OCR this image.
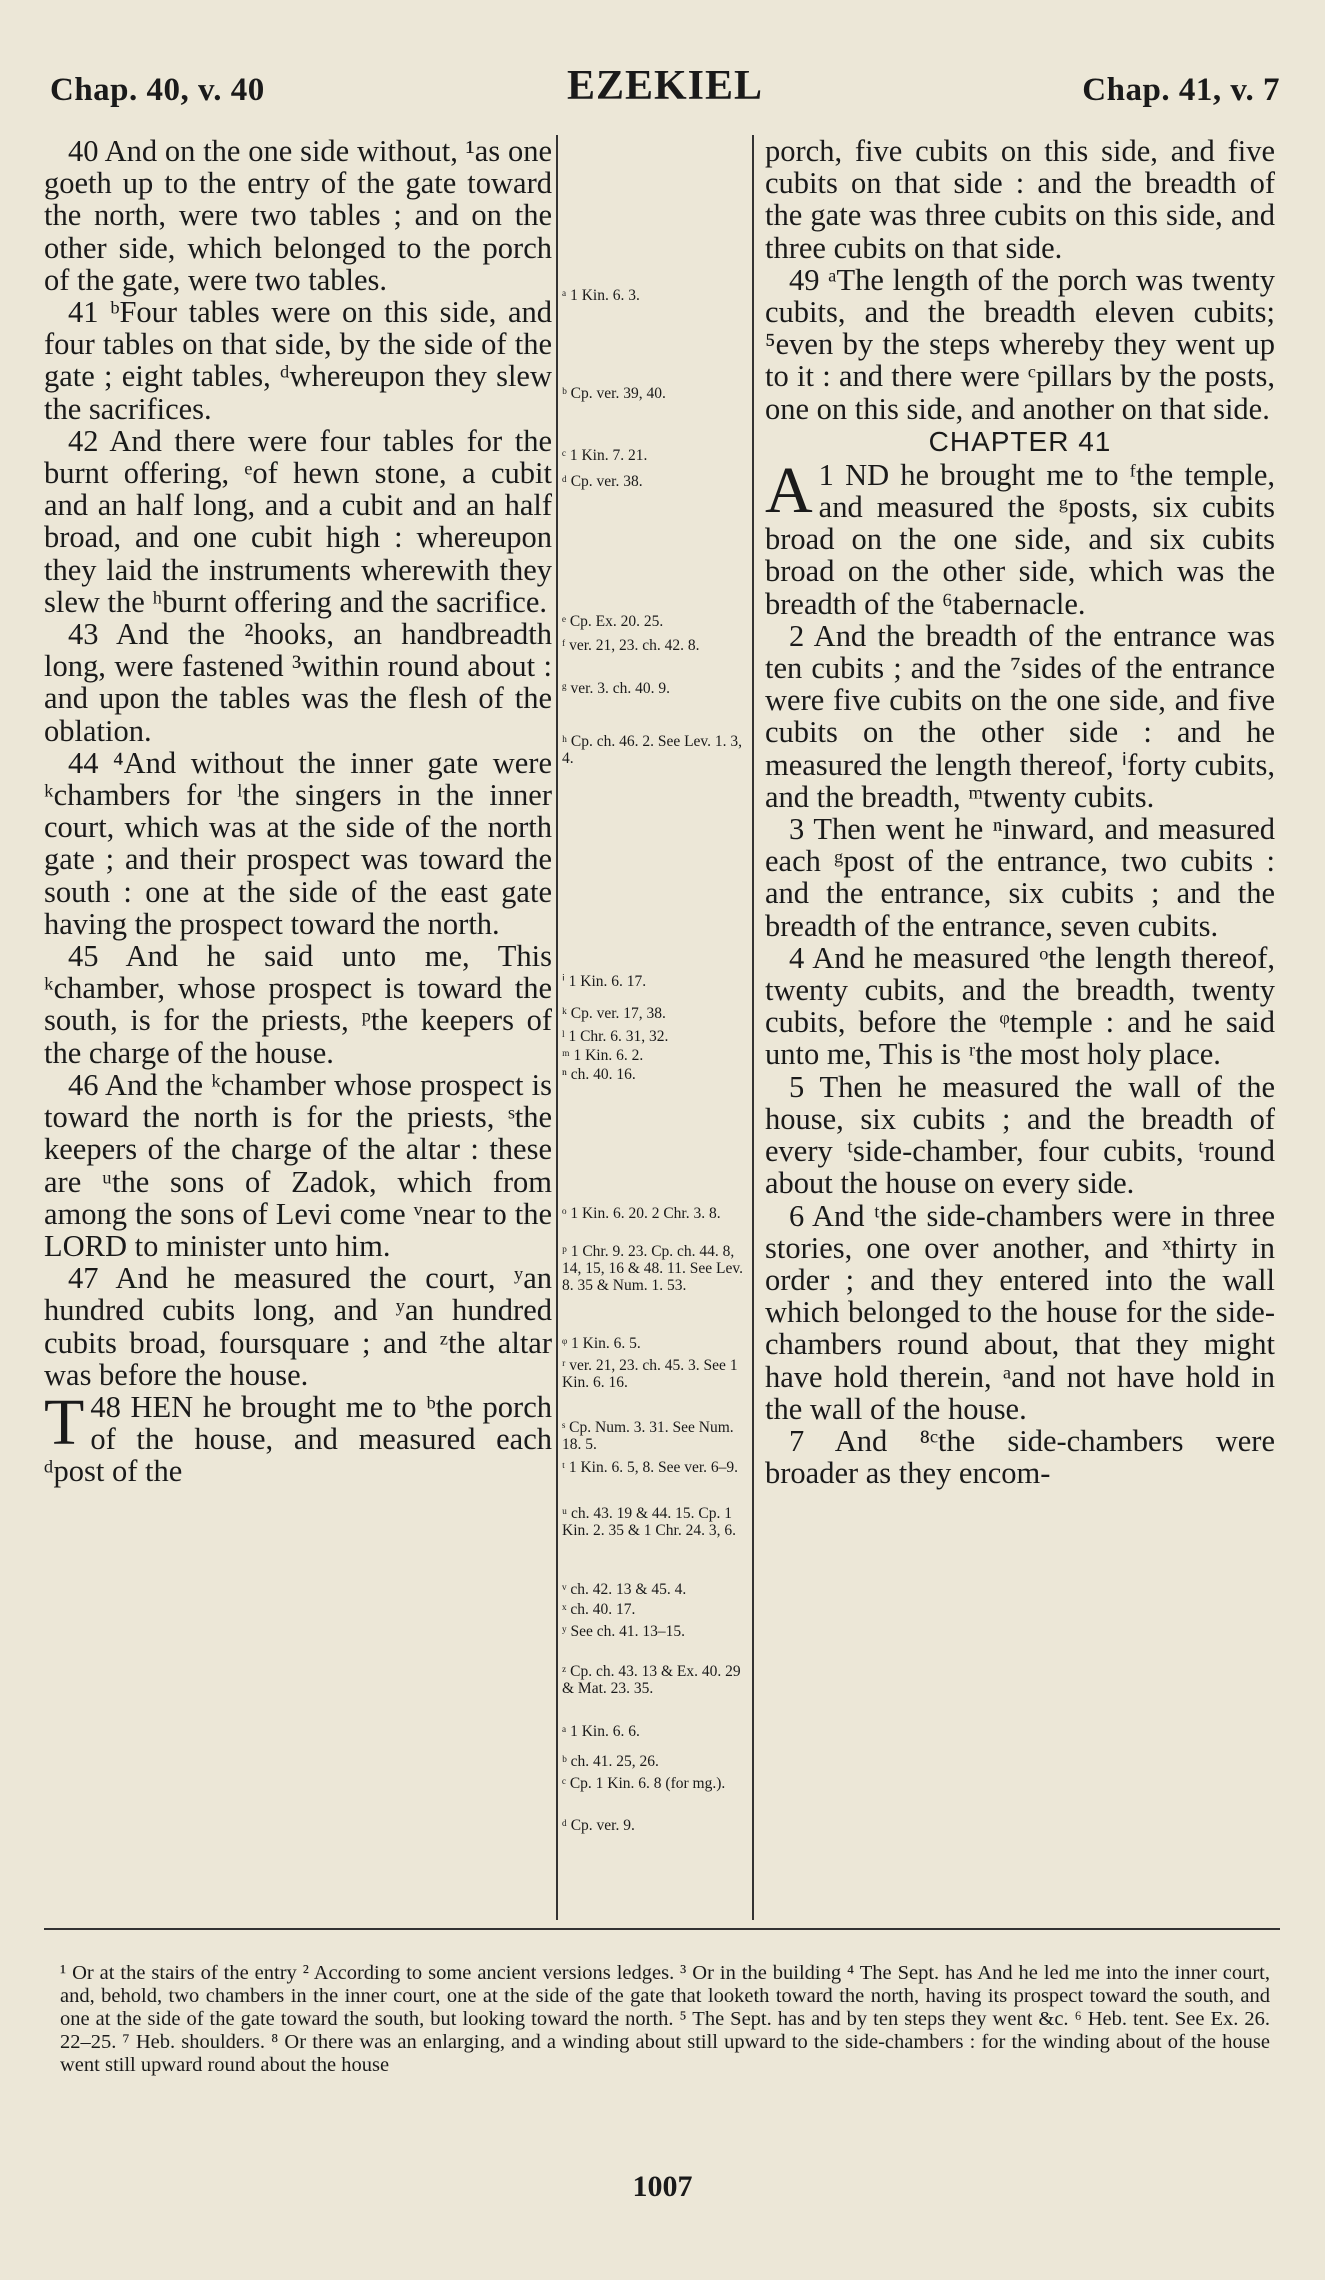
Chap. 40, v. 40	EZEKIEL	Chap. 41, v. 7

40 And on the one side without, ¹as one goeth up to the entry of the gate toward the north, were two tables ; and on the other side, which belonged to the porch of the gate, were two tables.

41 ᵇFour tables were on this side, and four tables on that side, by the side of the gate ; eight tables, ᵈwhereupon they slew the sacrifices.

42 And there were four tables for the burnt offering, ᵉof hewn stone, a cubit and an half long, and a cubit and an half broad, and one cubit high : whereupon they laid the instruments wherewith they slew the ʰburnt offering and the sacrifice.

43 And the ²hooks, an handbreadth long, were fastened ³within round about : and upon the tables was the flesh of the oblation.

44 ⁴And without the inner gate were ᵏchambers for ˡthe singers in the inner court, which was at the side of the north gate ; and their prospect was toward the south : one at the side of the east gate having the prospect toward the north.

45 And he said unto me, This ᵏchamber, whose prospect is toward the south, is for the priests, ᵖthe keepers of the charge of the house.

46 And the ᵏchamber whose prospect is toward the north is for the priests, ˢthe keepers of the charge of the altar : these are ᵘthe sons of Zadok, which from among the sons of Levi come ᵛnear to the LORD to minister unto him.

47 And he measured the court, ʸan hundred cubits long, and ʸan hundred cubits broad, foursquare ; and ᶻthe altar was before the house.

48
T HEN he brought me to ᵇthe porch of the house, and measured each ᵈpost of the

ᵃ 1 Kin. 6. 3.
ᵇ Cp. ver. 39, 40.
ᶜ 1 Kin. 7. 21.
ᵈ Cp. ver. 38.
ᵉ Cp. Ex. 20. 25.
ᶠ ver. 21, 23. ch. 42. 8.
ᵍ ver. 3. ch. 40. 9.
ʰ Cp. ch. 46. 2. See Lev. 1. 3, 4.
ⁱ 1 Kin. 6. 17.
ᵏ Cp. ver. 17, 38.
ˡ 1 Chr. 6. 31, 32.
ᵐ 1 Kin. 6. 2.
ⁿ ch. 40. 16.
ᵒ 1 Kin. 6. 20. 2 Chr. 3. 8.
ᵖ 1 Chr. 9. 23. Cp. ch. 44. 8, 14, 15, 16 & 48. 11. See Lev. 8. 35 & Num. 1. 53.
ᵠ 1 Kin. 6. 5.
ʳ ver. 21, 23. ch. 45. 3. See 1 Kin. 6. 16.
ˢ Cp. Num. 3. 31. See Num. 18. 5.
ᵗ 1 Kin. 6. 5, 8. See ver. 6–9.
ᵘ ch. 43. 19 & 44. 15. Cp. 1 Kin. 2. 35 & 1 Chr. 24. 3, 6.
ᵛ ch. 42. 13 & 45. 4.
ˣ ch. 40. 17.
ʸ See ch. 41. 13–15.
ᶻ Cp. ch. 43. 13 & Ex. 40. 29 & Mat. 23. 35.
ᵃ 1 Kin. 6. 6.
ᵇ ch. 41. 25, 26.
ᶜ Cp. 1 Kin. 6. 8 (for mg.).
ᵈ Cp. ver. 9.

porch, five cubits on this side, and five cubits on that side : and the breadth of the gate was three cubits on this side, and three cubits on that side.

49 ᵃThe length of the porch was twenty cubits, and the breadth eleven cubits; ⁵even by the steps whereby they went up to it : and there were ᶜpillars by the posts, one on this side, and another on that side.

CHAPTER 41

1
A ND he brought me to ᶠthe temple, and measured the ᵍposts, six cubits broad on the one side, and six cubits broad on the other side, which was the breadth of the ⁶tabernacle.

2 And the breadth of the entrance was ten cubits ; and the ⁷sides of the entrance were five cubits on the one side, and five cubits on the other side : and he measured the length thereof, ⁱforty cubits, and the breadth, ᵐtwenty cubits.

3 Then went he ⁿinward, and measured each ᵍpost of the entrance, two cubits : and the entrance, six cubits ; and the breadth of the entrance, seven cubits.

4 And he measured ᵒthe length thereof, twenty cubits, and the breadth, twenty cubits, before the ᵠtemple : and he said unto me, This is ʳthe most holy place.

5 Then he measured the wall of the house, six cubits ; and the breadth of every ᵗside-chamber, four cubits, ᵗround about the house on every side.

6 And ᵗthe side-chambers were in three stories, one over another, and ˣthirty in order ; and they entered into the wall which belonged to the house for the side-chambers round about, that they might have hold therein, ᵃand not have hold in the wall of the house.

7 And ⁸ᶜthe side-chambers were broader as they encom-

¹ Or at the stairs of the entry ² According to some ancient versions ledges. ³ Or in the building ⁴ The Sept. has And he led me into the inner court, and, behold, two chambers in the inner court, one at the side of the gate that looketh toward the north, having its prospect toward the south, and one at the side of the gate toward the south, but looking toward the north. ⁵ The Sept. has and by ten steps they went &c. ⁶ Heb. tent. See Ex. 26. 22–25. ⁷ Heb. shoulders. ⁸ Or there was an enlarging, and a winding about still upward to the side-chambers : for the winding about of the house went still upward round about the house

1007
